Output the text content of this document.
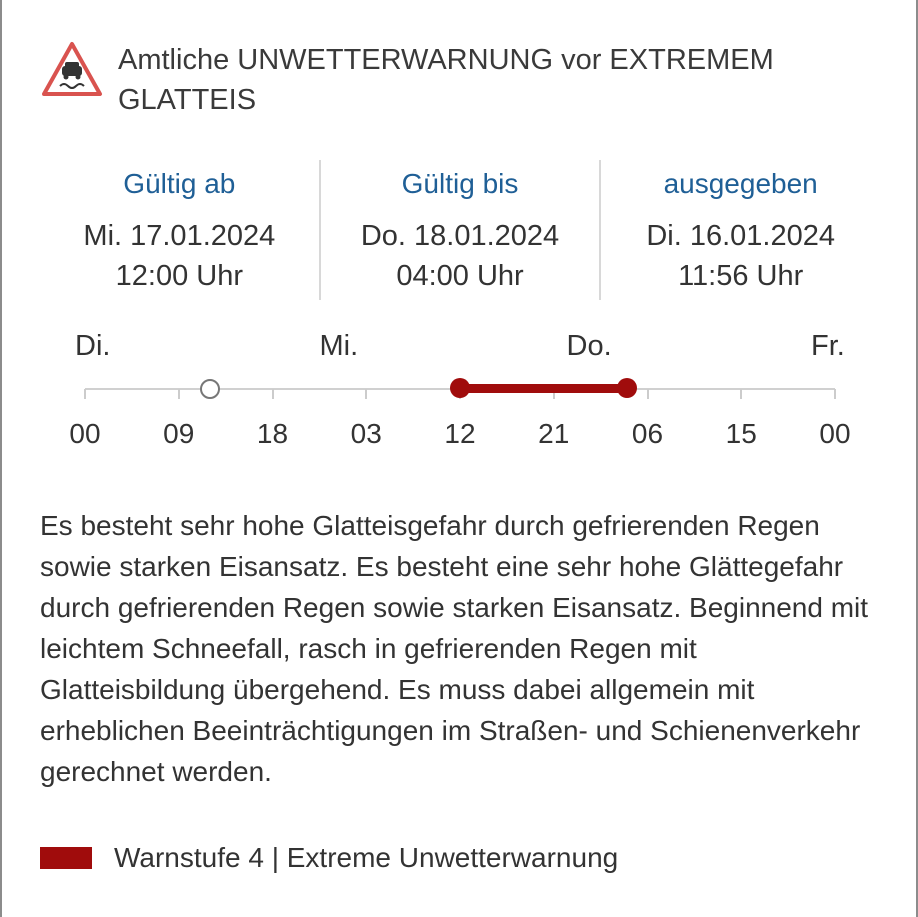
Amtliche UNWETTERWARNUNG vor EXTREMEM GLATTEIS
Gültig ab
Mi. 17.01.2024
12:00 Uhr
Gültig bis
Do. 18.01.2024
04:00 Uhr
ausgegeben
Di. 16.01.2024
11:56 Uhr
Di.	Mi.	Do.	Fr.
00 09 18 03 12 21 06 15 00
Es besteht sehr hohe Glatteisgefahr durch gefrierenden Regen sowie starken Eisansatz. Es besteht eine sehr hohe Glättegefahr durch gefrierenden Regen sowie starken Eisansatz. Beginnend mit leichtem Schneefall, rasch in gefrierenden Regen mit Glatteisbildung übergehend. Es muss dabei allgemein mit erheblichen Beeinträchtigungen im Straßen- und Schienenverkehr gerechnet werden.
Warnstufe 4 | Extreme Unwetterwarnung
